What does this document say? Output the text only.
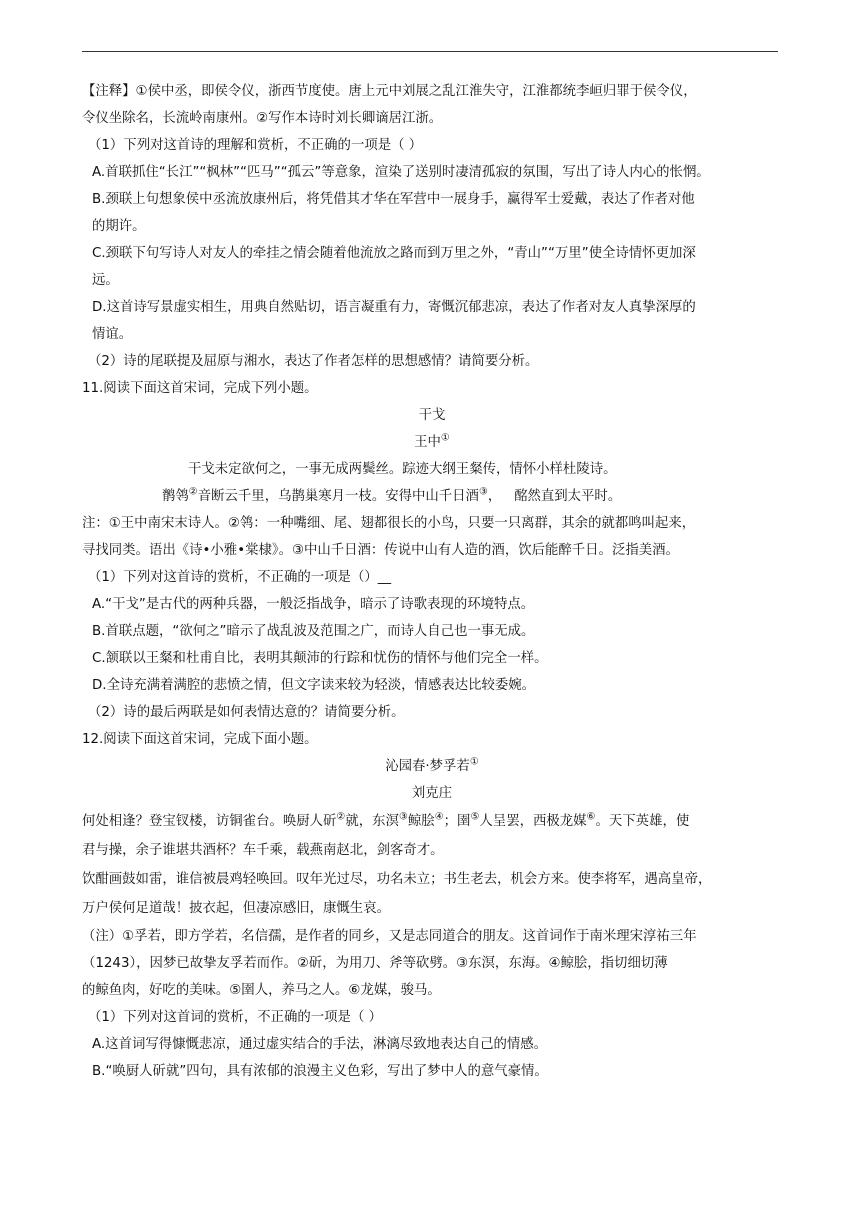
【注释】①侯中丞，即侯令仪，浙西节度使。唐上元中刘展之乱江淮失守，江淮都统李峘归罪于侯令仪，

令仪坐除名，长流岭南康州。②写作本诗时刘长卿谪居江浙。

（1）下列对这首诗的理解和赏析，不正确的一项是（ ）

A.首联抓住“长江”“枫林”“匹马”“孤云”等意象，渲染了送别时凄清孤寂的氛围，写出了诗人内心的怅惘。

B.颈联上句想象侯中丞流放康州后，将凭借其才华在军营中一展身手，赢得军士爱戴，表达了作者对他

的期许。

C.颈联下句写诗人对友人的牵挂之情会随着他流放之路而到万里之外，“青山”“万里”使全诗情怀更加深

远。

D.这首诗写景虚实相生，用典自然贴切，语言凝重有力，寄慨沉郁悲凉，表达了作者对友人真挚深厚的

情谊。

（2）诗的尾联提及屈原与湘水，表达了作者怎样的思想感情？请简要分析。

11.阅读下面这首宋词，完成下列小题。

干戈

王中①

干戈未定欲何之，一事无成两鬓丝。踪迹大纲王粲传，情怀小样杜陵诗。

鹡鸰②音断云千里，乌鹊巢寒月一枝。安得中山千日酒③，   酩然直到太平时。

注：①王中南宋末诗人。②鸰：一种嘴细、尾、翅都很长的小鸟，只要一只离群，其余的就都鸣叫起来，

寻找同类。语出《诗•小雅•棠棣》。③中山千日酒：传说中山有人造的酒，饮后能醉千日。泛指美酒。

（1）下列对这首诗的赏析，不正确的一项是（）__

A.“干戈”是古代的两种兵器，一般泛指战争，暗示了诗歌表现的环境特点。

B.首联点题，“欲何之”暗示了战乱波及范围之广，而诗人自己也一事无成。

C.颔联以王粲和杜甫自比，表明其颠沛的行踪和忧伤的情怀与他们完全一样。

D.全诗充满着满腔的悲愤之情，但文字读来较为轻淡，情感表达比较委婉。

（2）诗的最后两联是如何表情达意的？请简要分析。

12.阅读下面这首宋词，完成下面小题。

沁园春·梦孚若①

刘克庄

何处相逢？登宝钗楼，访铜雀台。唤厨人斫②就，东溟③鲸脍④；圉⑤人呈罢，西极龙媒⑥。天下英雄，使

君与操，余子谁堪共酒杯？车千乘，载燕南赵北，剑客奇才。

饮酣画鼓如雷，谁信被晨鸡轻唤回。叹年光过尽，功名未立；书生老去，机会方来。使李将军，遇高皇帝，

万户侯何足道哉！披衣起，但凄凉感旧，康慨生哀。

（注）①孚若，即方学若，名信孺，是作者的同乡，又是志同道合的朋友。这首词作于南米理宋淳祐三年

（1243），因梦已故挚友孚若而作。②斫，为用刀、斧等砍劈。③东溟，东海。④鲸脍，指切细切薄

的鲸鱼肉，好吃的美味。⑤圉人，养马之人。⑥龙媒，骏马。

（1）下列对这首词的赏析，不正确的一项是（ ）

A.这首词写得慷慨悲凉，通过虚实结合的手法，淋漓尽致地表达自己的情感。

B.“唤厨人斫就”四句，具有浓郁的浪漫主义色彩，写出了梦中人的意气豪情。
